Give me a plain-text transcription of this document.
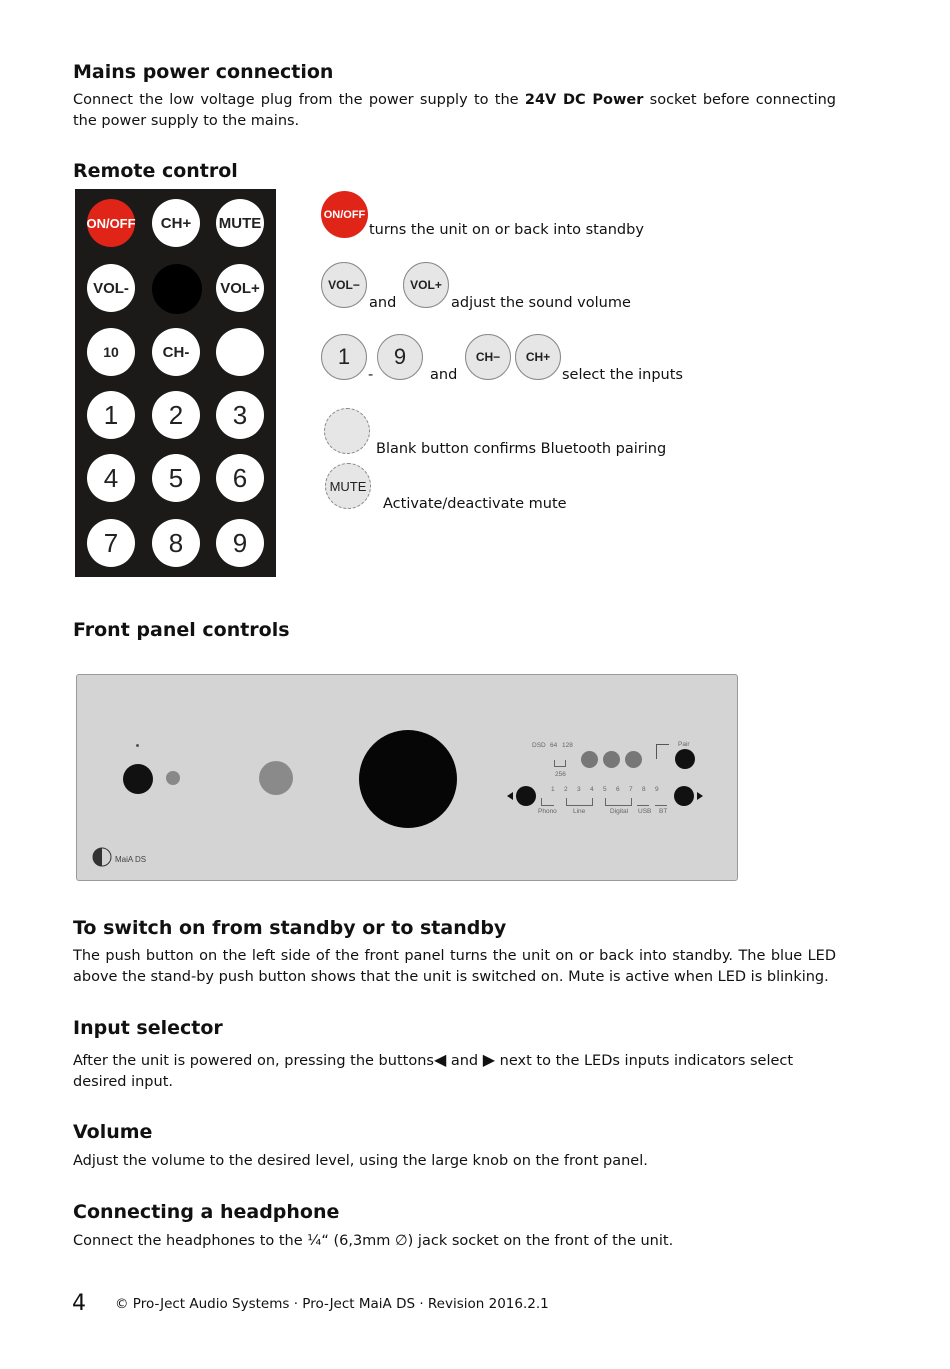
Mains power connection

Connect the low voltage plug from the power supply to the 24V DC Power socket before connecting the power supply to the mains.

Remote control
ON/OFF	CH+	MUTE
VOL-	VOL+
10	CH-
1	2	3
4	5	6
7	8	9
ON/OFF
turns the unit on or back into standby
VOL−
and
VOL+
adjust the sound volume
1
-
9
and
CH−	CH+
select the inputs
Blank button confirms Bluetooth pairing
MUTE
Activate/deactivate mute
Front panel controls
DSD 64 128
256
Pair
1 2 3 4 5 6 7 8 9
Phono Line	Digital USB BT
MaiA DS
To switch on from standby or to standby

The push button on the left side of the front panel turns the unit on or back into standby. The blue LED above the stand-by push button shows that the unit is switched on. Mute is active when LED is blinking.

Input selector

After the unit is powered on, pressing the buttons◀ and ▶ next to the LEDs inputs indicators select desired input.

Volume

Adjust the volume to the desired level, using the large knob on the front panel.

Connecting a headphone

Connect the headphones to the ¼“ (6,3mm ∅) jack socket on the front of the unit.

4 © Pro-Ject Audio Systems · Pro-Ject MaiA DS · Revision 2016.2.1
